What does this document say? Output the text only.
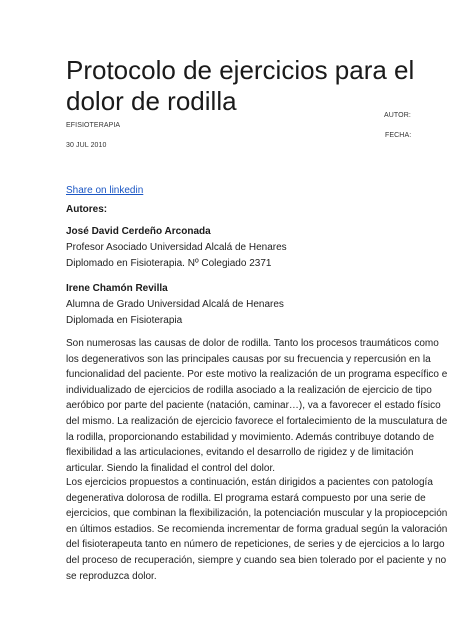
Protocolo de ejercicios para el
dolor de rodilla	AUTOR:
EFISIOTERAPIA
FECHA:
30 JUL 2010
Share on linkedin
Autores:
José David Cerdeño Arconada
Profesor Asociado Universidad Alcalá de Henares
Diplomado en Fisioterapia. Nº Colegiado 2371
Irene Chamón Revilla
Alumna de Grado Universidad Alcalá de Henares
Diplomada en Fisioterapia
Son numerosas las causas de dolor de rodilla. Tanto los procesos traumáticos como
los degenerativos son las principales causas por su frecuencia y repercusión en la
funcionalidad del paciente. Por este motivo la realización de un programa específico e
individualizado de ejercicios de rodilla asociado a la realización de ejercicio de tipo
aeróbico por parte del paciente (natación, caminar…), va a favorecer el estado físico
del mismo. La realización de ejercicio favorece el fortalecimiento de la musculatura de
la rodilla, proporcionando estabilidad y movimiento. Además contribuye dotando de
flexibilidad a las articulaciones, evitando el desarrollo de rigidez y de limitación
articular. Siendo la finalidad el control del dolor.
Los ejercicios propuestos a continuación, están dirigidos a pacientes con patología
degenerativa dolorosa de rodilla. El programa estará compuesto por una serie de
ejercicios, que combinan la flexibilización, la potenciación muscular y la propiocepción
en últimos estadios. Se recomienda incrementar de forma gradual según la valoración
del fisioterapeuta tanto en número de repeticiones, de series y de ejercicios a lo largo
del proceso de recuperación, siempre y cuando sea bien tolerado por el paciente y no
se reproduzca dolor.
